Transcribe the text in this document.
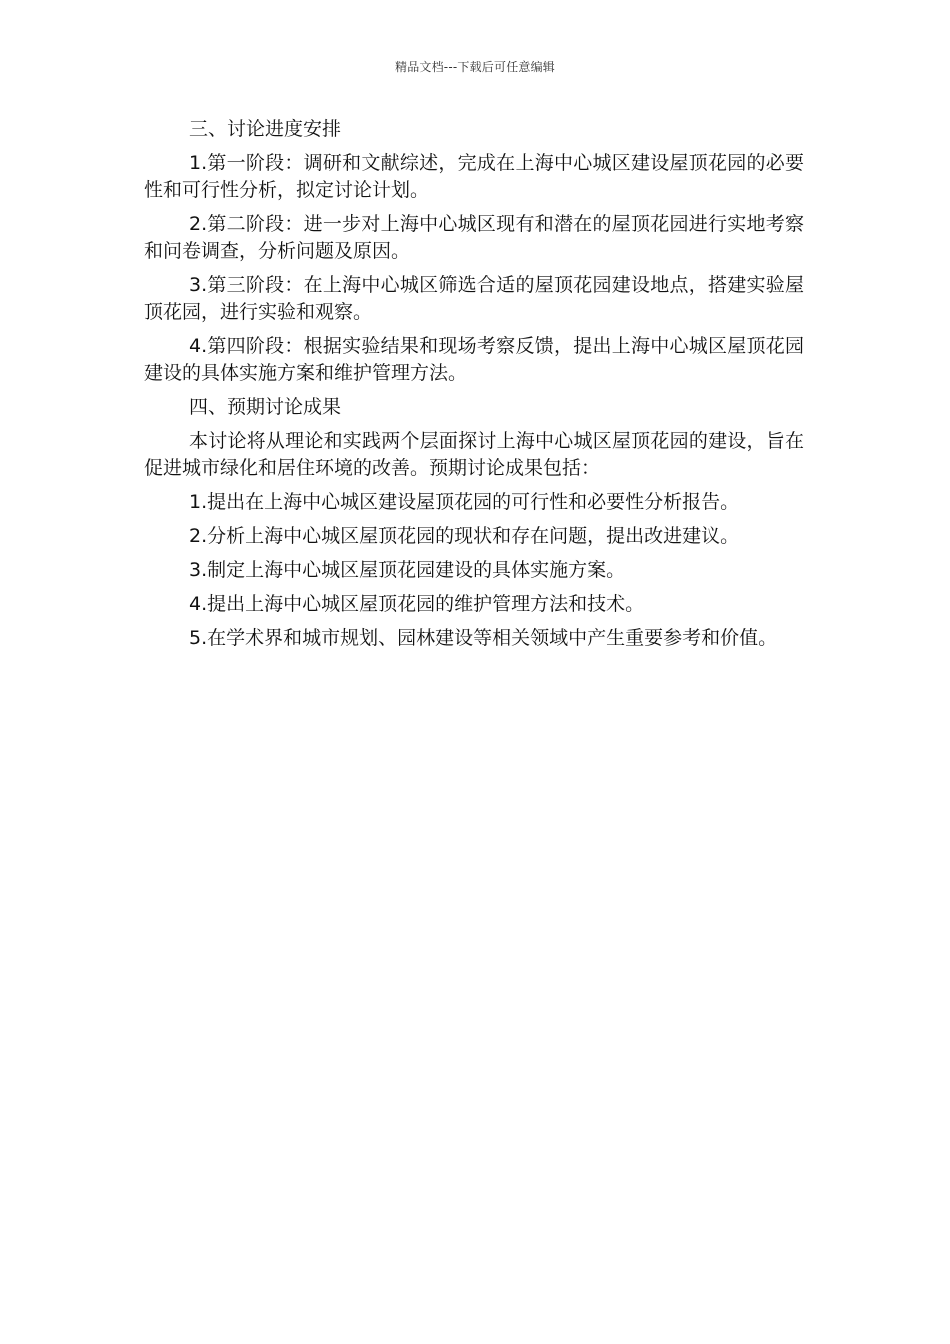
精品文档---下载后可任意编辑

三、讨论进度安排

1.第一阶段：调研和文献综述，完成在上海中心城区建设屋顶花园的必要性和可行性分析，拟定讨论计划。

2.第二阶段：进一步对上海中心城区现有和潜在的屋顶花园进行实地考察和问卷调查，分析问题及原因。

3.第三阶段：在上海中心城区筛选合适的屋顶花园建设地点，搭建实验屋顶花园，进行实验和观察。

4.第四阶段：根据实验结果和现场考察反馈，提出上海中心城区屋顶花园建设的具体实施方案和维护管理方法。

四、预期讨论成果

本讨论将从理论和实践两个层面探讨上海中心城区屋顶花园的建设，旨在促进城市绿化和居住环境的改善。预期讨论成果包括：

1.提出在上海中心城区建设屋顶花园的可行性和必要性分析报告。

2.分析上海中心城区屋顶花园的现状和存在问题，提出改进建议。

3.制定上海中心城区屋顶花园建设的具体实施方案。

4.提出上海中心城区屋顶花园的维护管理方法和技术。

5.在学术界和城市规划、园林建设等相关领域中产生重要参考和价值。
